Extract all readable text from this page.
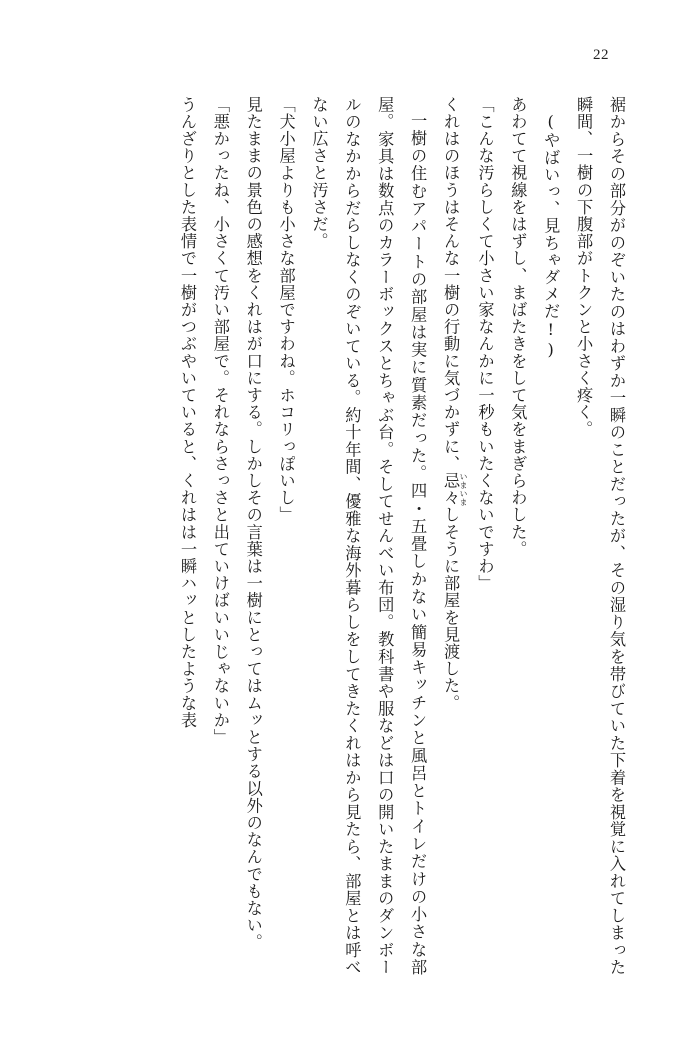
22

裾からその部分がのぞいたのはわずか一瞬のことだったが、その湿り気を帯びていた下着を視覚に入れてしまった瞬間、一樹の下腹部がトクンと小さく疼く。

(やばいっ、見ちゃダメだ!)

あわてて視線をはずし、まばたきをして気をまぎらわした。

「こんな汚らしくて小さい家なんかに一秒もいたくないですわ」

くれはのほうはそんな一樹の行動に気づかずに、忌々 いまいましそうに部屋を見渡した。

一樹の住むアパートの部屋は実に質素だった。四・五畳しかない簡易キッチンと風呂とトイレだけの小さな部屋。家具は数点のカラーボックスとちゃぶ台。そしてせんべい布団。教科書や服などは口の開いたままのダンボールのなかからだらしなくのぞいている。約十年間、優雅な海外暮らしをしてきたくれはから見たら、部屋とは呼べない広さと汚さだ。

「犬小屋よりも小さな部屋ですわね。ホコリっぽいし」

見たままの景色の感想をくれはが口にする。しかしその言葉は一樹にとってはムッとする以外のなんでもない。

「悪かったね、小さくて汚い部屋で。それならさっさと出ていけばいいじゃないか」

うんざりとした表情で一樹がつぶやいていると、くれはは一瞬ハッとしたような表
